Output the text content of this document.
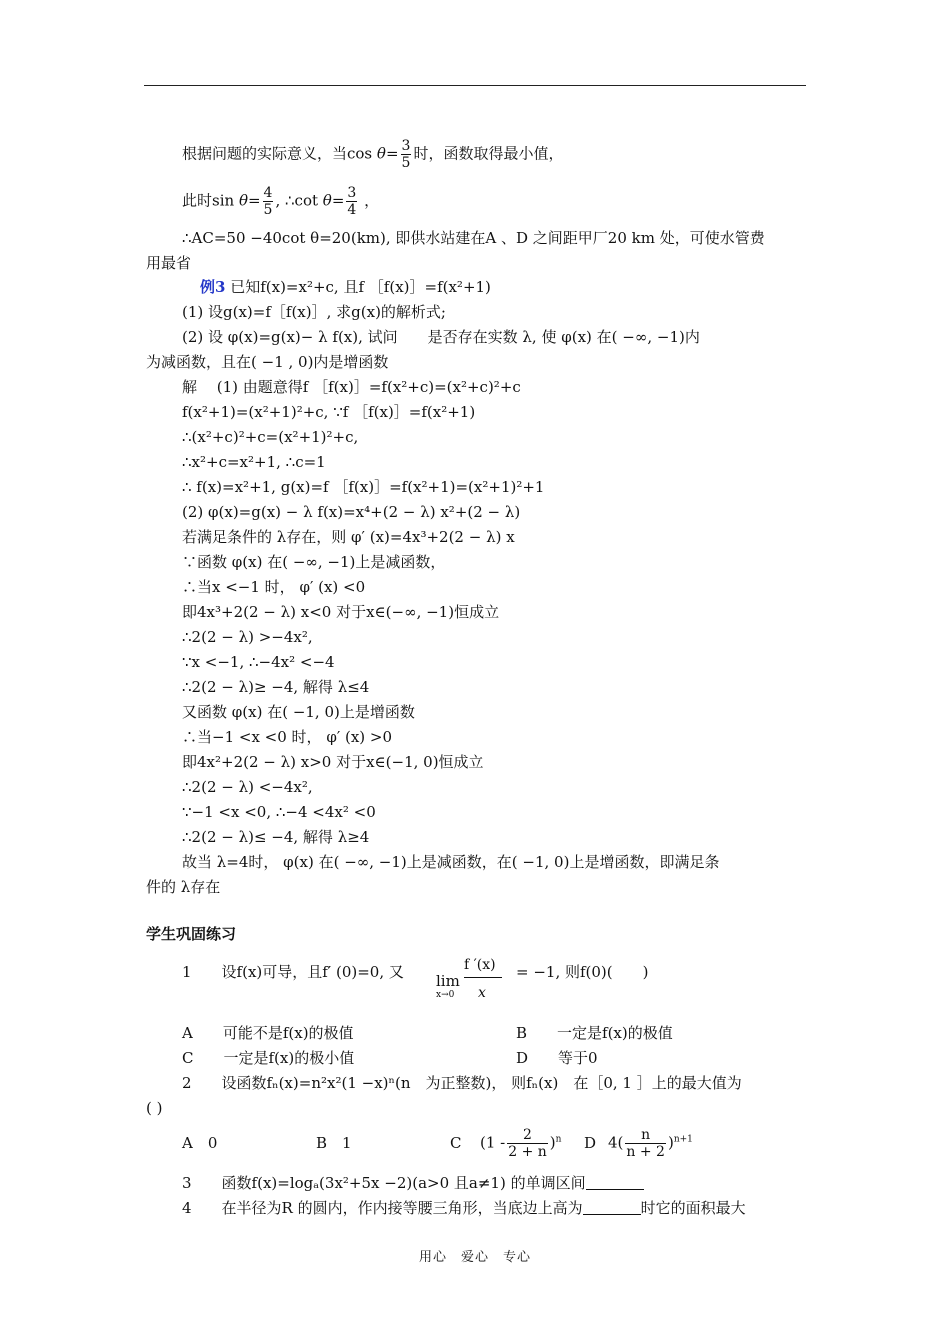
根据问题的实际意义，当$\cos \theta= \frac{3}{5}$ 时，函数取得最小值，
此时$\sin \theta= \frac{4}{5}$ , ∴cot $\theta= \frac{3}{4}$ ，
∴AC=50 −40cot θ=20(km), 即供水站建在A 、D 之间距甲厂20 km 处，可使水管费
用最省
例3 已知f(x)=x²+c, 且f ［f(x)］=f(x²+1)
(1) 设g(x)=f［f(x)］, 求g(x)的解析式;
(2) 设 φ(x)=g(x)− λ f(x), 试问　　是否存在实数 λ, 使 φ(x) 在( −∞, −1)内
为减函数，且在( −1 , 0)内是增函数
解　 (1) 由题意得f ［f(x)］=f(x²+c)=(x²+c)²+c
f(x²+1)=(x²+1)²+c, ∵f ［f(x)］=f(x²+1)
∴(x²+c)²+c=(x²+1)²+c,
∴x²+c=x²+1, ∴c=1
∴ f(x)=x²+1, g(x)=f ［f(x)］=f(x²+1)=(x²+1)²+1
(2) φ(x)=g(x) − λ f(x)=x⁴+(2 − λ) x²+(2 − λ)
若满足条件的 λ存在，则 φ′ (x)=4x³+2(2 − λ) x
∵函数 φ(x) 在( −∞, −1)上是减函数，
∴当x <−1 时， φ′ (x) <0
即4x³+2(2 − λ) x<0 对于x∈(−∞, −1)恒成立
∴2(2 − λ) >−4x²,
∵x <−1, ∴−4x² <−4
∴2(2 − λ)≥ −4, 解得 λ≤4
又函数 φ(x) 在( −1, 0)上是增函数
∴当−1 <x <0 时， φ′ (x) >0
即4x²+2(2 − λ) x>0 对于x∈(−1, 0)恒成立
∴2(2 − λ) <−4x²,
∵−1 <x <0, ∴−4 <4x² <0
∴2(2 − λ)≤ −4, 解得 λ≥4
故当 λ=4时， φ(x) 在( −∞, −1)上是减函数，在( −1, 0)上是增函数，即满足条
件的 λ存在
学生巩固练习
1　　设f(x)可导，且f′ (0)=0, 又	f ′(x)
lim
x→0 x
= −1, 则f(0)(　　)
A　　可能不是f(x)的极值	B　　一定是f(x)的极值
C　　一定是f(x)的极小值	D　　等于0
2　　设函数fₙ(x)=n²x²(1 −x)ⁿ(n　为正整数)， 则fₙ(x)　在［0, 1 ］上的最大值为
( )
A　0	B　1	C $(1 - \frac{2}{2 + n} )^n$ D $4( \frac{n}{n + 2} )^{n+1}$
3　　函数f(x)=logₐ(3x²+5x −2)(a>0 且a≠1) 的单调区间
4　　在半径为R 的圆内，作内接等腰三角形，当底边上高为	时它的面积最大
用心　爱心　专心
